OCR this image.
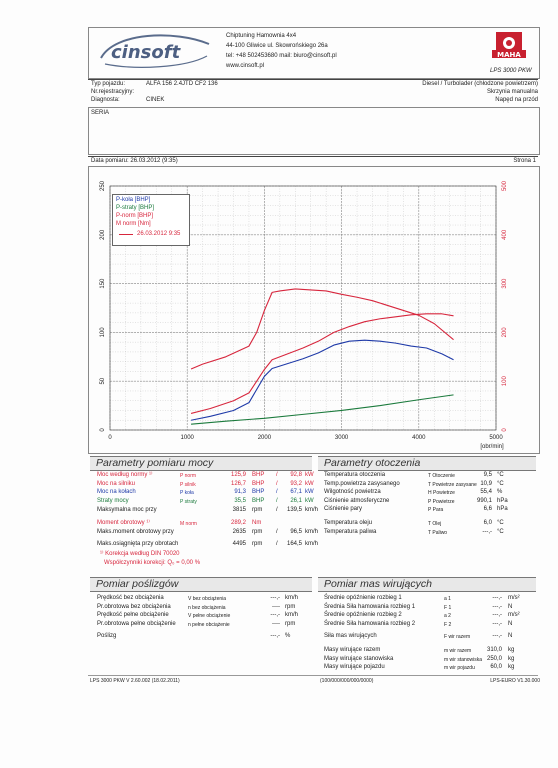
cinsoft
Chiptuning Hamownia 4x4
44-100 Gliwice ul. Skowrońskiego 26a
tel: +48 502453680 mail: biuro@cinsoft.pl
www.cinsoft.pl
MAHA
LPS 3000 PKW
Typ pojazdu:	ALFA 156 2.4JTD CF2 136
Nr.rejestracyjny:
Diagnosta:	CINEK
Diesel / Turbolader (chłodzone powietrzem)
Skrzynia manualna
Napęd na przód
SERIA
Data pomiaru: 26.03.2012 (9:35)	Strona 1
0	1000	2000	3000	4000	5000
0
50
100
150
200
250
0
100
200
300
400
500
[obr/min]
P-koła [BHP]
P-straty [BHP]
P-norm [BHP]
M norm [Nm]
26.03.2012 9:35
Parametry pomiaru mocy	Parametry otoczenia
Moc według normy ¹⁾	P norm	125,9 BHP /	92,8 kW
Moc na silniku	P silnik	126,7 BHP /	93,2 kW
Moc na kołach	P koła	91,3 BHP /	67,1 kW
Straty mocy	P straty	35,5 BHP /	26,1 kW
Temperatura otoczenia	T Otoczenie	9,5 °C
Temp.powietrza zasysanego	T Powietrze zasysane 10,9 °C
Wilgotność powietrza	H Powietrze	55,4 %
Ciśnienie atmosferyczne	P Powietrze	990,1 hPa
Ciśnienie pary	P Para	6,6 hPa
Temperatura oleju	T Olej	6,0 °C
Temperatura paliwa	T Paliwo	---,- °C
Maksymalna moc przy	3815 rpm /	139,5 km/h
Moment obrotowy ¹⁾	M norm	289,2 Nm
Maks.moment obrotowy przy	2635 rpm /	96,5 km/h
Maks.osiągnięta przy obrotach	4495 rpm /	164,5 km/h
¹⁾ Korekcja według DIN 70020
Współczynniki korekcji: Q₀ = 0,00 %
Pomiar poślizgów	Pomiar mas wirujących
Prędkość bez obciążenia	V bez obciążenia	---,- km/h
Pr.obrotowa bez obciążenia	n bez obciążenia	---- rpm
Prędkość pełne obciążenie	V pełne obciążenie	---,- km/h
Pr.obrotowa pełne obciążenie n pełne obciążenie	---- rpm
Poślizg	---,- %
Średnie opóźnienie rozbieg 1	a 1	---,- m/s²
Średnia Siła hamowania rozbieg 1	F 1	---,- N
Średnie opóźnienie rozbieg 2	a 2	---,- m/s²
Średnie Siła hamowania rozbieg 2	F 2	---,- N
Siła mas wirujących	F wir razem	---,- N
Masy wirujące razem	m wir razem	310,0 kg
Masy wirujące stanowiska	m wir stanowiska 250,0 kg
Masy wirujące pojazdu	m wir pojazdu	60,0 kg
LPS 3000 PKW V 2.60.002 (18.02.2011)	(100/000/000/000/0000)	LPS-EURO V1.30.000
